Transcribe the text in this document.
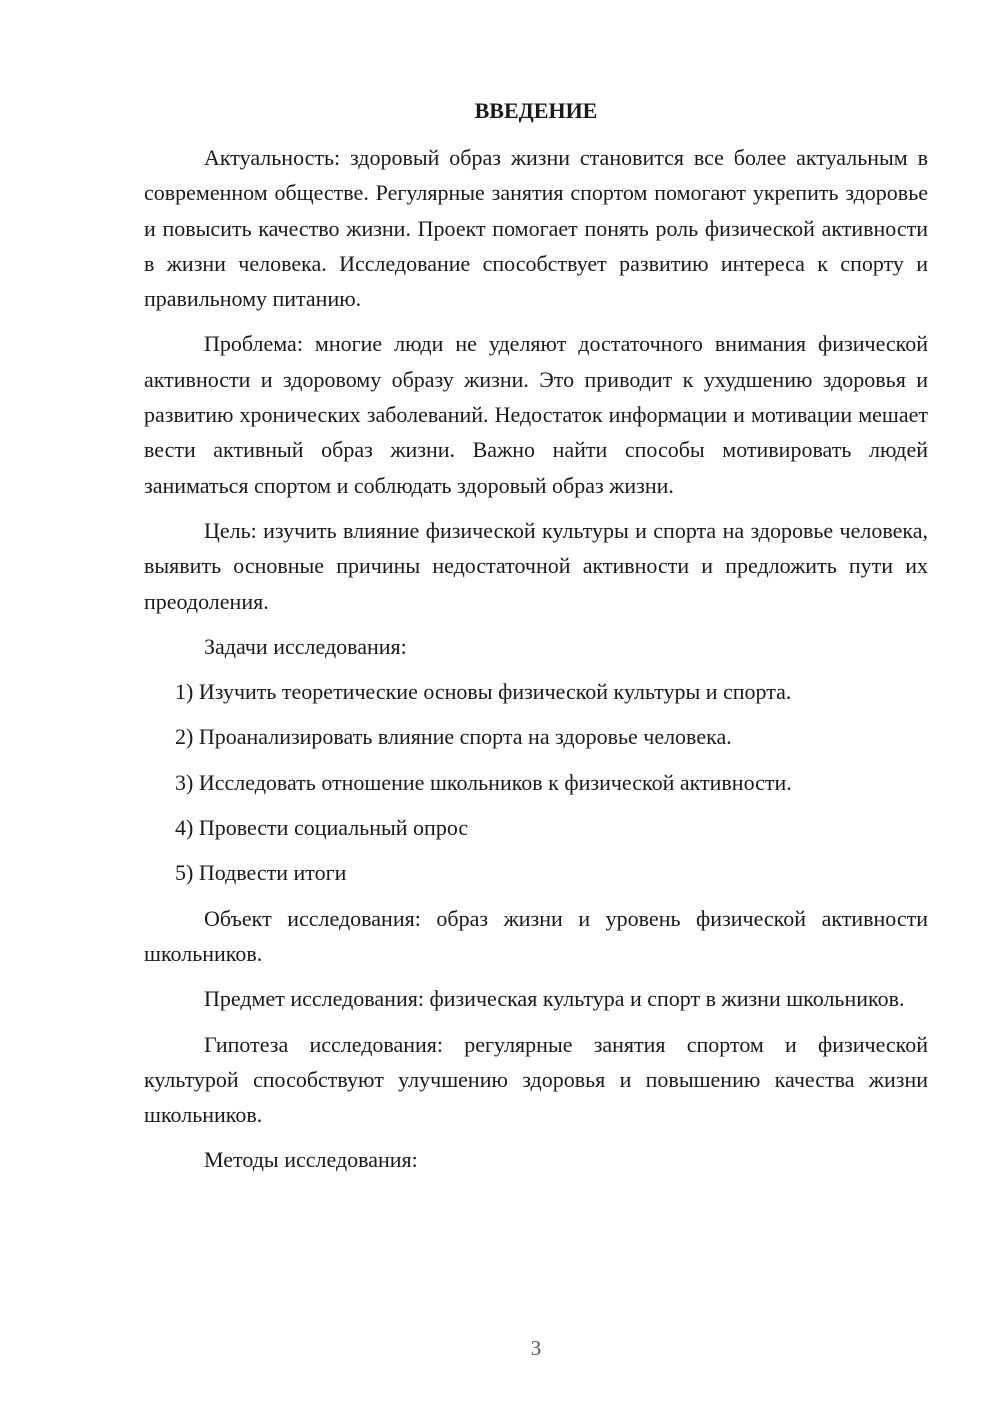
ВВЕДЕНИЕ

Актуальность: здоровый образ жизни становится все более актуальным в современном обществе. Регулярные занятия спортом помогают укрепить здоровье и повысить качество жизни. Проект помогает понять роль физической активности в жизни человека. Исследование способствует развитию интереса к спорту и правильному питанию.

Проблема: многие люди не уделяют достаточного внимания физической активности и здоровому образу жизни. Это приводит к ухудшению здоровья и развитию хронических заболеваний. Недостаток информации и мотивации мешает вести активный образ жизни. Важно найти способы мотивировать людей заниматься спортом и соблюдать здоровый образ жизни.

Цель: изучить влияние физической культуры и спорта на здоровье человека, выявить основные причины недостаточной активности и предложить пути их преодоления.

Задачи исследования:

1) Изучить теоретические основы физической культуры и спорта.
2) Проанализировать влияние спорта на здоровье человека.
3) Исследовать отношение школьников к физической активности.
4) Провести социальный опрос
5) Подвести итоги

Объект исследования: образ жизни и уровень физической активности школьников.

Предмет исследования: физическая культура и спорт в жизни школьников.

Гипотеза исследования: регулярные занятия спортом и физической культурой способствуют улучшению здоровья и повышению качества жизни школьников.

Методы исследования:

3
